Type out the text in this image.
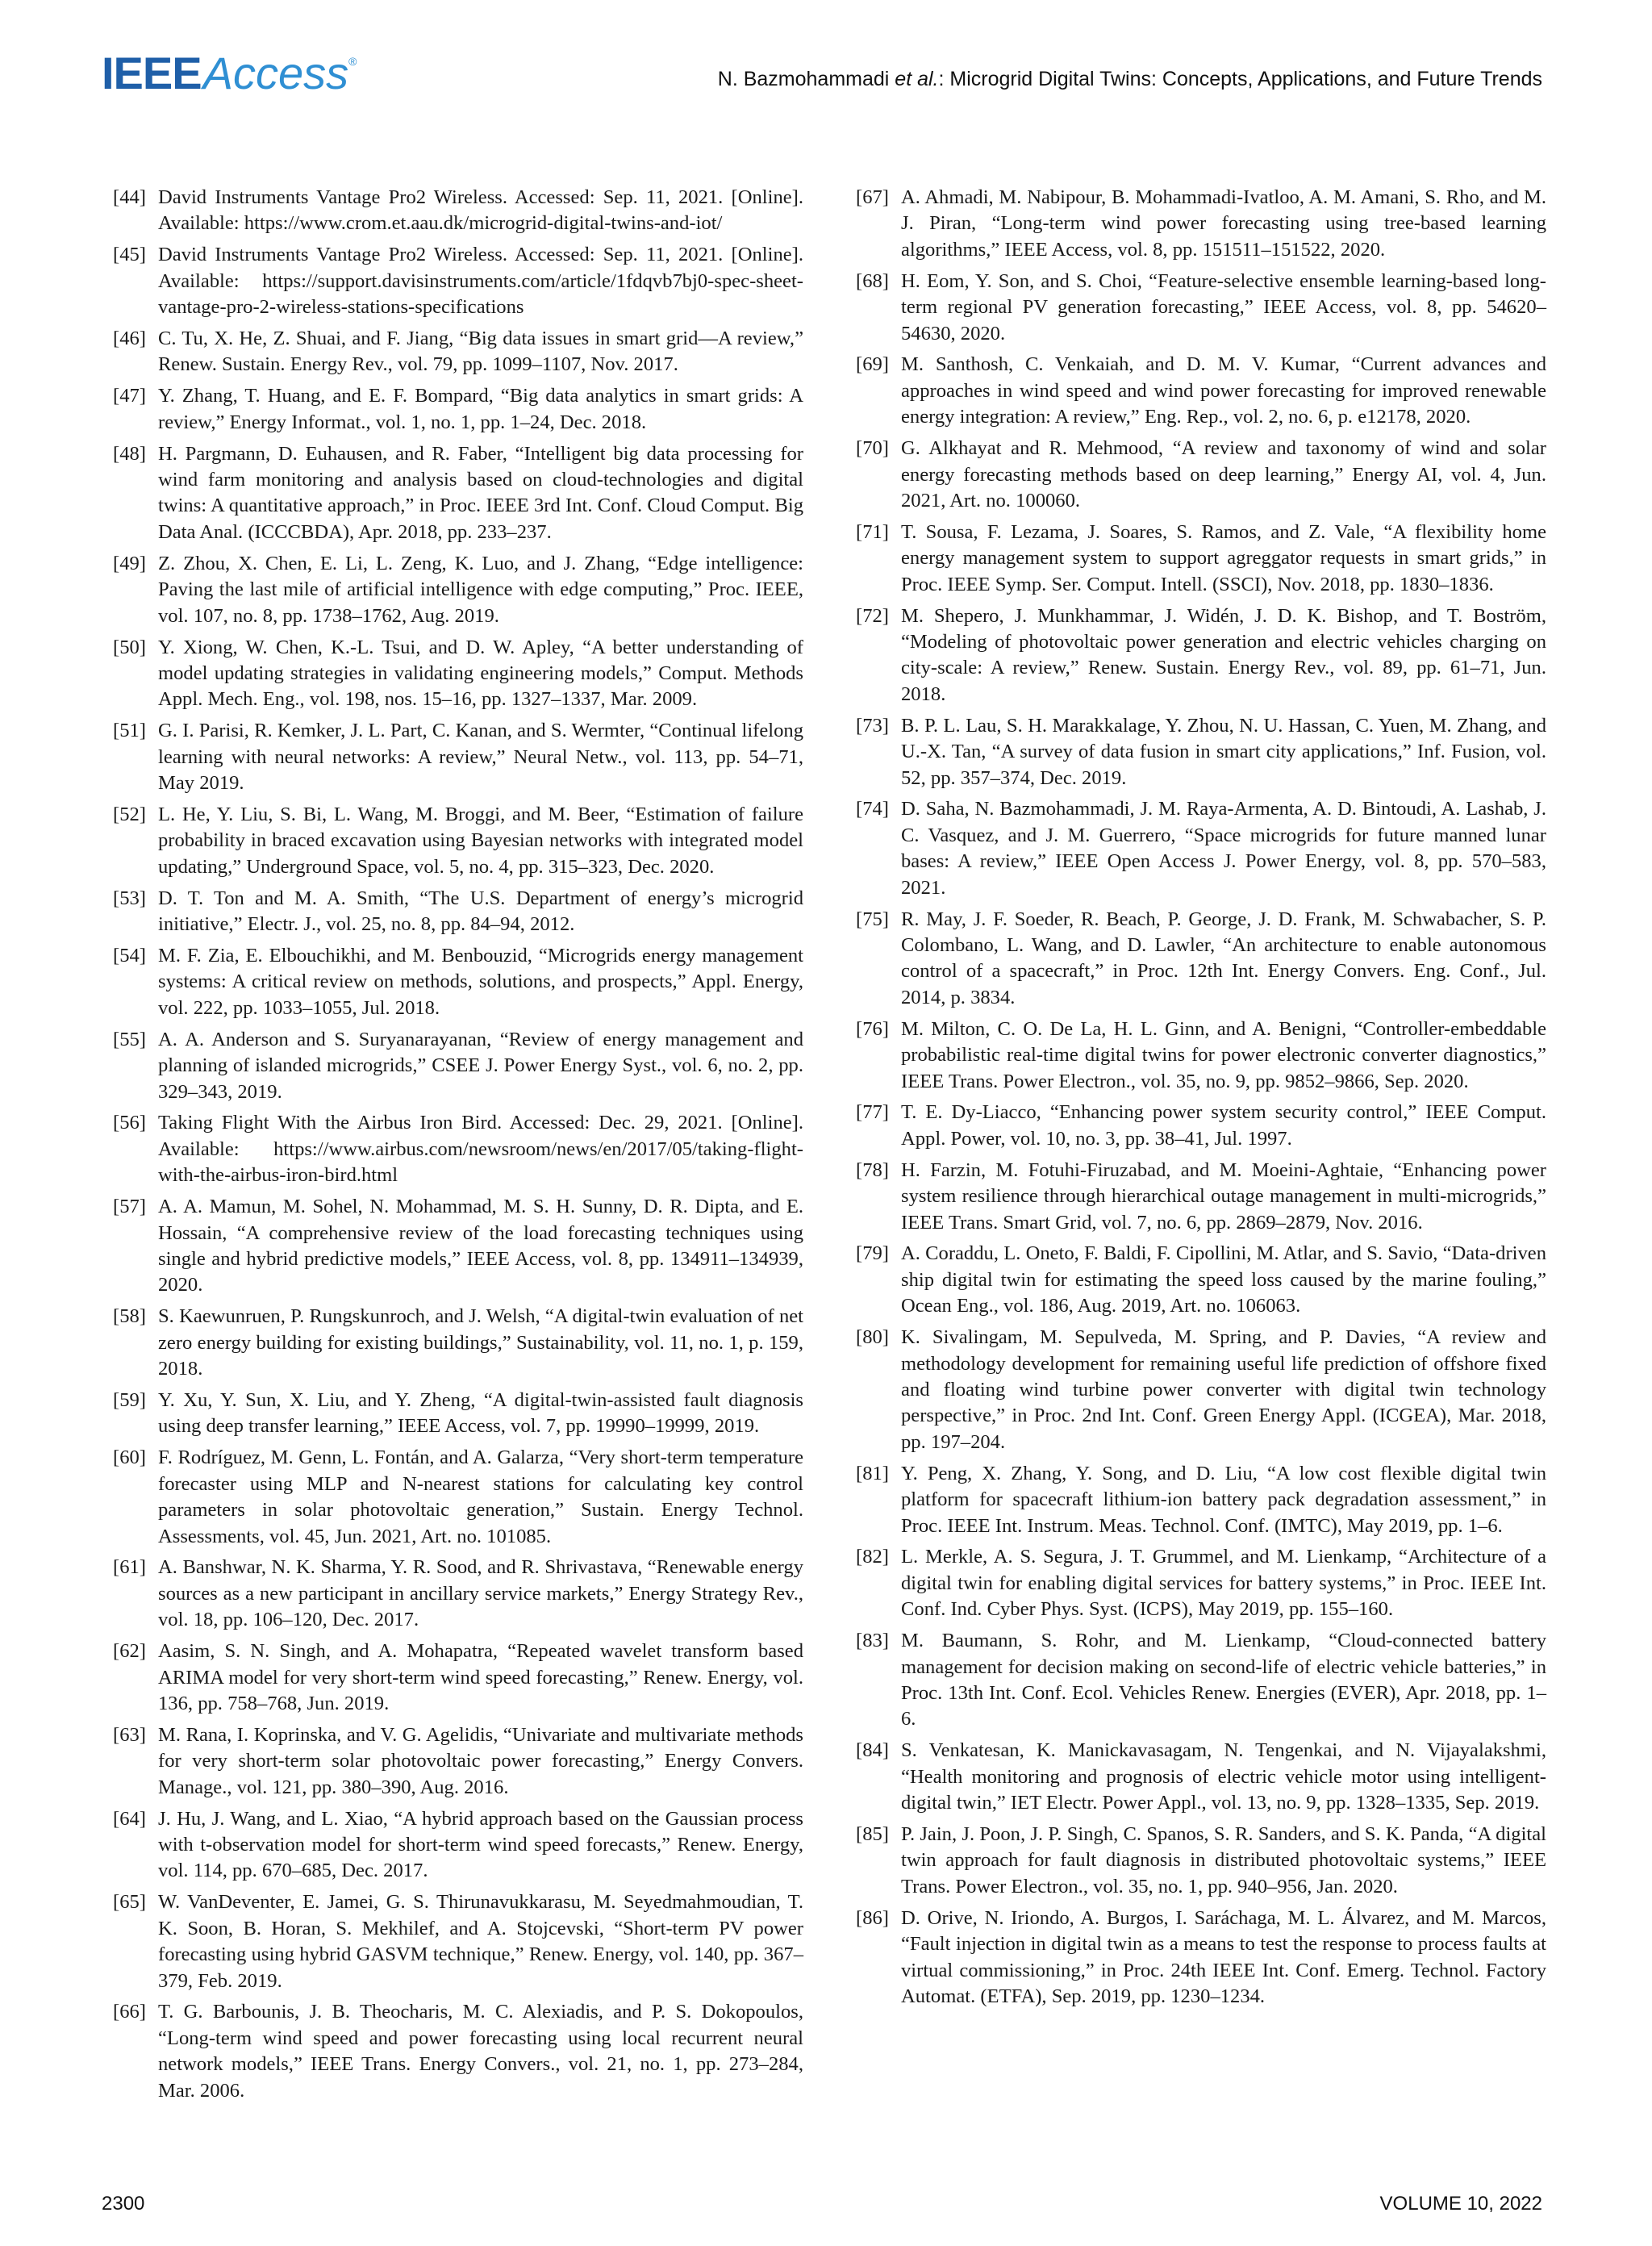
IEEEAccess®
N. Bazmohammadi et al.: Microgrid Digital Twins: Concepts, Applications, and Future Trends
[44] David Instruments Vantage Pro2 Wireless. Accessed: Sep. 11, 2021. [Online]. Available: https://www.crom.et.aau.dk/microgrid-digital-twins-and-iot/
[45] David Instruments Vantage Pro2 Wireless. Accessed: Sep. 11, 2021. [Online]. Available: https://support.davisinstruments.com/article/1fdqvb7bj0-spec-sheet-vantage-pro-2-wireless-stations-specifications
[46] C. Tu, X. He, Z. Shuai, and F. Jiang, “Big data issues in smart grid—A review,” Renew. Sustain. Energy Rev., vol. 79, pp. 1099–1107, Nov. 2017.
[47] Y. Zhang, T. Huang, and E. F. Bompard, “Big data analytics in smart grids: A review,” Energy Informat., vol. 1, no. 1, pp. 1–24, Dec. 2018.
[48] H. Pargmann, D. Euhausen, and R. Faber, “Intelligent big data processing for wind farm monitoring and analysis based on cloud-technologies and digital twins: A quantitative approach,” in Proc. IEEE 3rd Int. Conf. Cloud Comput. Big Data Anal. (ICCCBDA), Apr. 2018, pp. 233–237.
[49] Z. Zhou, X. Chen, E. Li, L. Zeng, K. Luo, and J. Zhang, “Edge intelligence: Paving the last mile of artificial intelligence with edge computing,” Proc. IEEE, vol. 107, no. 8, pp. 1738–1762, Aug. 2019.
[50] Y. Xiong, W. Chen, K.-L. Tsui, and D. W. Apley, “A better understanding of model updating strategies in validating engineering models,” Comput. Methods Appl. Mech. Eng., vol. 198, nos. 15–16, pp. 1327–1337, Mar. 2009.
[51] G. I. Parisi, R. Kemker, J. L. Part, C. Kanan, and S. Wermter, “Continual lifelong learning with neural networks: A review,” Neural Netw., vol. 113, pp. 54–71, May 2019.
[52] L. He, Y. Liu, S. Bi, L. Wang, M. Broggi, and M. Beer, “Estimation of failure probability in braced excavation using Bayesian networks with integrated model updating,” Underground Space, vol. 5, no. 4, pp. 315–323, Dec. 2020.
[53] D. T. Ton and M. A. Smith, “The U.S. Department of energy’s microgrid initiative,” Electr. J., vol. 25, no. 8, pp. 84–94, 2012.
[54] M. F. Zia, E. Elbouchikhi, and M. Benbouzid, “Microgrids energy management systems: A critical review on methods, solutions, and prospects,” Appl. Energy, vol. 222, pp. 1033–1055, Jul. 2018.
[55] A. A. Anderson and S. Suryanarayanan, “Review of energy management and planning of islanded microgrids,” CSEE J. Power Energy Syst., vol. 6, no. 2, pp. 329–343, 2019.
[56] Taking Flight With the Airbus Iron Bird. Accessed: Dec. 29, 2021. [Online]. Available: https://www.airbus.com/newsroom/news/en/2017/05/taking-flight-with-the-airbus-iron-bird.html
[57] A. A. Mamun, M. Sohel, N. Mohammad, M. S. H. Sunny, D. R. Dipta, and E. Hossain, “A comprehensive review of the load forecasting techniques using single and hybrid predictive models,” IEEE Access, vol. 8, pp. 134911–134939, 2020.
[58] S. Kaewunruen, P. Rungskunroch, and J. Welsh, “A digital-twin evaluation of net zero energy building for existing buildings,” Sustainability, vol. 11, no. 1, p. 159, 2018.
[59] Y. Xu, Y. Sun, X. Liu, and Y. Zheng, “A digital-twin-assisted fault diagnosis using deep transfer learning,” IEEE Access, vol. 7, pp. 19990–19999, 2019.
[60] F. Rodríguez, M. Genn, L. Fontán, and A. Galarza, “Very short-term temperature forecaster using MLP and N-nearest stations for calculating key control parameters in solar photovoltaic generation,” Sustain. Energy Technol. Assessments, vol. 45, Jun. 2021, Art. no. 101085.
[61] A. Banshwar, N. K. Sharma, Y. R. Sood, and R. Shrivastava, “Renewable energy sources as a new participant in ancillary service markets,” Energy Strategy Rev., vol. 18, pp. 106–120, Dec. 2017.
[62] Aasim, S. N. Singh, and A. Mohapatra, “Repeated wavelet transform based ARIMA model for very short-term wind speed forecasting,” Renew. Energy, vol. 136, pp. 758–768, Jun. 2019.
[63] M. Rana, I. Koprinska, and V. G. Agelidis, “Univariate and multivariate methods for very short-term solar photovoltaic power forecasting,” Energy Convers. Manage., vol. 121, pp. 380–390, Aug. 2016.
[64] J. Hu, J. Wang, and L. Xiao, “A hybrid approach based on the Gaussian process with t-observation model for short-term wind speed forecasts,” Renew. Energy, vol. 114, pp. 670–685, Dec. 2017.
[65] W. VanDeventer, E. Jamei, G. S. Thirunavukkarasu, M. Seyedmahmoudian, T. K. Soon, B. Horan, S. Mekhilef, and A. Stojcevski, “Short-term PV power forecasting using hybrid GASVM technique,” Renew. Energy, vol. 140, pp. 367–379, Feb. 2019.
[66] T. G. Barbounis, J. B. Theocharis, M. C. Alexiadis, and P. S. Dokopoulos, “Long-term wind speed and power forecasting using local recurrent neural network models,” IEEE Trans. Energy Convers., vol. 21, no. 1, pp. 273–284, Mar. 2006.
[67] A. Ahmadi, M. Nabipour, B. Mohammadi-Ivatloo, A. M. Amani, S. Rho, and M. J. Piran, “Long-term wind power forecasting using tree-based learning algorithms,” IEEE Access, vol. 8, pp. 151511–151522, 2020.
[68] H. Eom, Y. Son, and S. Choi, “Feature-selective ensemble learning-based long-term regional PV generation forecasting,” IEEE Access, vol. 8, pp. 54620–54630, 2020.
[69] M. Santhosh, C. Venkaiah, and D. M. V. Kumar, “Current advances and approaches in wind speed and wind power forecasting for improved renewable energy integration: A review,” Eng. Rep., vol. 2, no. 6, p. e12178, 2020.
[70] G. Alkhayat and R. Mehmood, “A review and taxonomy of wind and solar energy forecasting methods based on deep learning,” Energy AI, vol. 4, Jun. 2021, Art. no. 100060.
[71] T. Sousa, F. Lezama, J. Soares, S. Ramos, and Z. Vale, “A flexibility home energy management system to support agreggator requests in smart grids,” in Proc. IEEE Symp. Ser. Comput. Intell. (SSCI), Nov. 2018, pp. 1830–1836.
[72] M. Shepero, J. Munkhammar, J. Widén, J. D. K. Bishop, and T. Boström, “Modeling of photovoltaic power generation and electric vehicles charging on city-scale: A review,” Renew. Sustain. Energy Rev., vol. 89, pp. 61–71, Jun. 2018.
[73] B. P. L. Lau, S. H. Marakkalage, Y. Zhou, N. U. Hassan, C. Yuen, M. Zhang, and U.-X. Tan, “A survey of data fusion in smart city applications,” Inf. Fusion, vol. 52, pp. 357–374, Dec. 2019.
[74] D. Saha, N. Bazmohammadi, J. M. Raya-Armenta, A. D. Bintoudi, A. Lashab, J. C. Vasquez, and J. M. Guerrero, “Space microgrids for future manned lunar bases: A review,” IEEE Open Access J. Power Energy, vol. 8, pp. 570–583, 2021.
[75] R. May, J. F. Soeder, R. Beach, P. George, J. D. Frank, M. Schwabacher, S. P. Colombano, L. Wang, and D. Lawler, “An architecture to enable autonomous control of a spacecraft,” in Proc. 12th Int. Energy Convers. Eng. Conf., Jul. 2014, p. 3834.
[76] M. Milton, C. O. De La, H. L. Ginn, and A. Benigni, “Controller-embeddable probabilistic real-time digital twins for power electronic converter diagnostics,” IEEE Trans. Power Electron., vol. 35, no. 9, pp. 9852–9866, Sep. 2020.
[77] T. E. Dy-Liacco, “Enhancing power system security control,” IEEE Comput. Appl. Power, vol. 10, no. 3, pp. 38–41, Jul. 1997.
[78] H. Farzin, M. Fotuhi-Firuzabad, and M. Moeini-Aghtaie, “Enhancing power system resilience through hierarchical outage management in multi-microgrids,” IEEE Trans. Smart Grid, vol. 7, no. 6, pp. 2869–2879, Nov. 2016.
[79] A. Coraddu, L. Oneto, F. Baldi, F. Cipollini, M. Atlar, and S. Savio, “Data-driven ship digital twin for estimating the speed loss caused by the marine fouling,” Ocean Eng., vol. 186, Aug. 2019, Art. no. 106063.
[80] K. Sivalingam, M. Sepulveda, M. Spring, and P. Davies, “A review and methodology development for remaining useful life prediction of offshore fixed and floating wind turbine power converter with digital twin technology perspective,” in Proc. 2nd Int. Conf. Green Energy Appl. (ICGEA), Mar. 2018, pp. 197–204.
[81] Y. Peng, X. Zhang, Y. Song, and D. Liu, “A low cost flexible digital twin platform for spacecraft lithium-ion battery pack degradation assessment,” in Proc. IEEE Int. Instrum. Meas. Technol. Conf. (IMTC), May 2019, pp. 1–6.
[82] L. Merkle, A. S. Segura, J. T. Grummel, and M. Lienkamp, “Architecture of a digital twin for enabling digital services for battery systems,” in Proc. IEEE Int. Conf. Ind. Cyber Phys. Syst. (ICPS), May 2019, pp. 155–160.
[83] M. Baumann, S. Rohr, and M. Lienkamp, “Cloud-connected battery management for decision making on second-life of electric vehicle batteries,” in Proc. 13th Int. Conf. Ecol. Vehicles Renew. Energies (EVER), Apr. 2018, pp. 1–6.
[84] S. Venkatesan, K. Manickavasagam, N. Tengenkai, and N. Vijayalakshmi, “Health monitoring and prognosis of electric vehicle motor using intelligent-digital twin,” IET Electr. Power Appl., vol. 13, no. 9, pp. 1328–1335, Sep. 2019.
[85] P. Jain, J. Poon, J. P. Singh, C. Spanos, S. R. Sanders, and S. K. Panda, “A digital twin approach for fault diagnosis in distributed photovoltaic systems,” IEEE Trans. Power Electron., vol. 35, no. 1, pp. 940–956, Jan. 2020.
[86] D. Orive, N. Iriondo, A. Burgos, I. Saráchaga, M. L. Álvarez, and M. Marcos, “Fault injection in digital twin as a means to test the response to process faults at virtual commissioning,” in Proc. 24th IEEE Int. Conf. Emerg. Technol. Factory Automat. (ETFA), Sep. 2019, pp. 1230–1234.
2300	VOLUME 10, 2022
